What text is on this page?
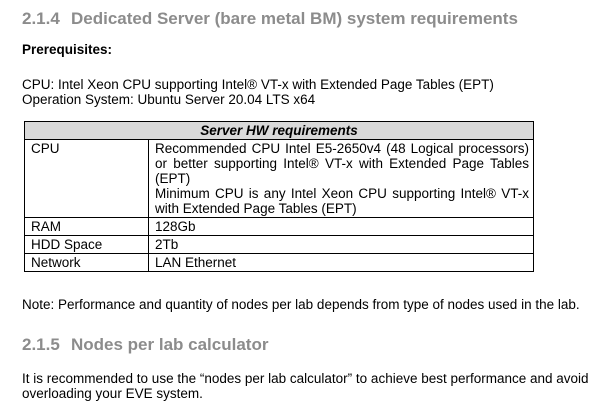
2.1.4 Dedicated Server (bare metal BM) system requirements
Prerequisites:
CPU: Intel Xeon CPU supporting Intel® VT-x with Extended Page Tables (EPT)
Operation System: Ubuntu Server 20.04 LTS x64
Server HW requirements	
CPU	Recommended CPU Intel E5-2650v4 (48 Logical processors) or better supporting Intel® VT-x with Extended Page Tables (EPT)
Minimum CPU is any Intel Xeon CPU supporting Intel® VT-x with Extended Page Tables (EPT)

RAM	128Gb
HDD Space	2Tb
Network	LAN Ethernet
Note: Performance and quantity of nodes per lab depends from type of nodes used in the lab.
2.1.5 Nodes per lab calculator
It is recommended to use the “nodes per lab calculator” to achieve best performance and avoid
overloading your EVE system.
